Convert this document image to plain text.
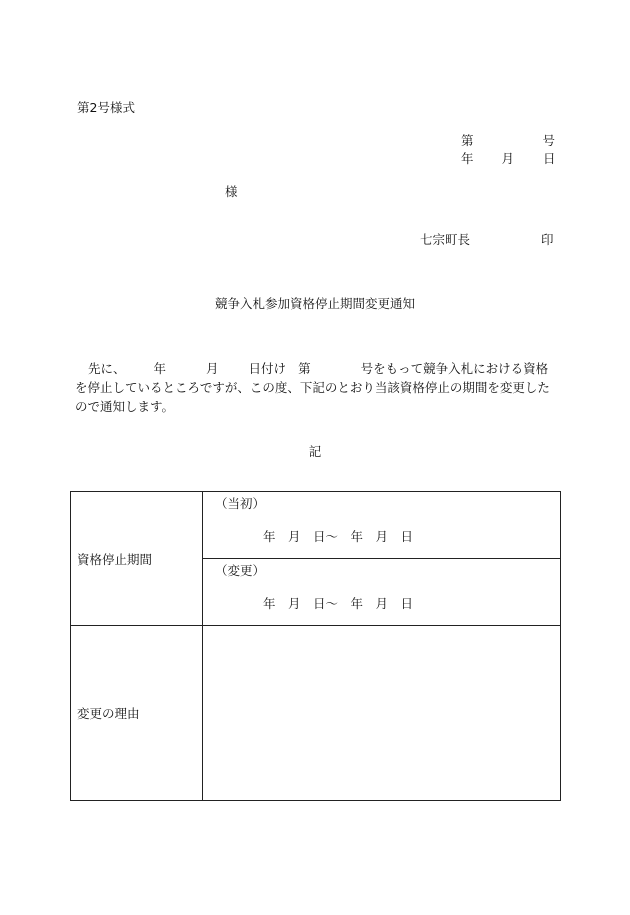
第2号様式
第	号
年 月 日
様
七宗町長	印
競争入札参加資格停止期間変更通知
先に、 年	月 日付け 第	号をもって競争入札における資格を停止しているところですが、この度、下記のとおり当該資格停止の期間を変更したので通知します。
記
資格停止期間	（当初）
年　月　日〜　年　月　日

	（変更）
年　月　日〜　年　月　日

変更の理由	
